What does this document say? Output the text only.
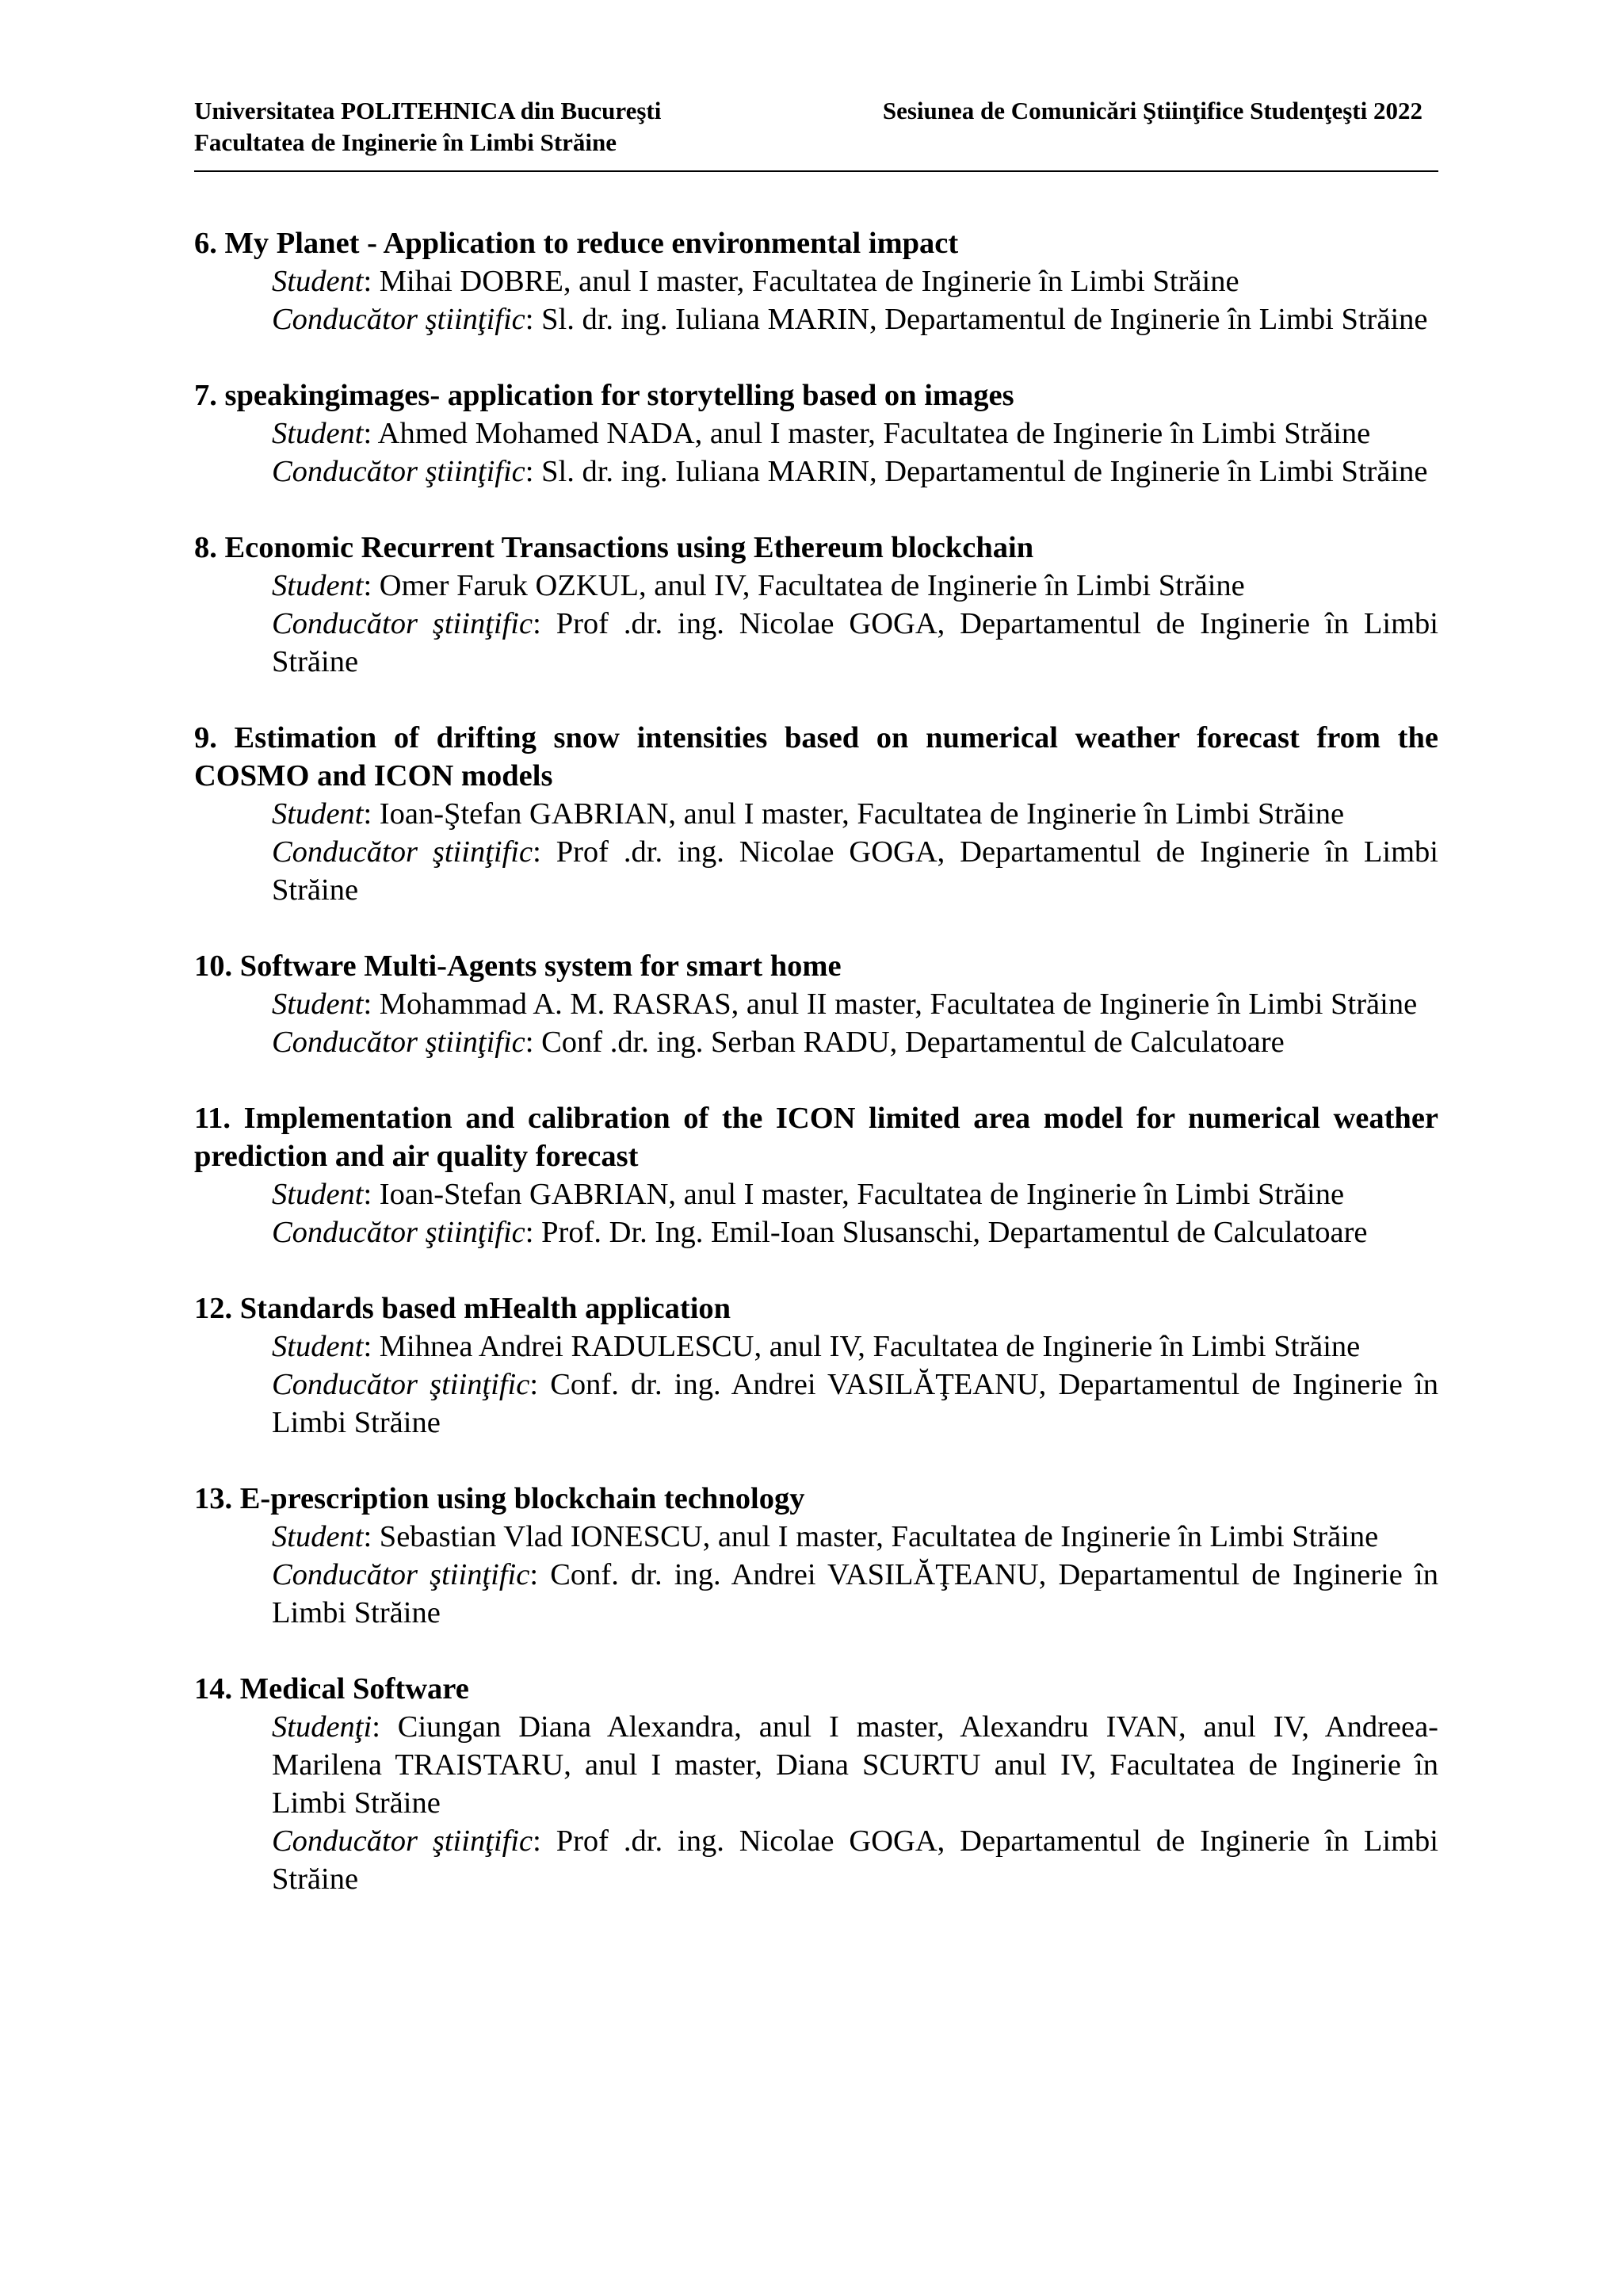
Universitatea POLITEHNICA din Bucureşti
Facultatea de Inginerie în Limbi Străine
Sesiunea de Comunicări Ştiinţifice Studenţeşti 2022
6. My Planet - Application to reduce environmental impact
Student: Mihai DOBRE, anul I master, Facultatea de Inginerie în Limbi Străine
Conducător ştiinţific: Sl. dr. ing. Iuliana MARIN, Departamentul de Inginerie în Limbi Străine
7. speakingimages- application for storytelling based on images
Student: Ahmed Mohamed NADA, anul I master, Facultatea de Inginerie în Limbi Străine
Conducător ştiinţific: Sl. dr. ing. Iuliana MARIN, Departamentul de Inginerie în Limbi Străine
8. Economic Recurrent Transactions using Ethereum blockchain
Student: Omer Faruk OZKUL, anul IV, Facultatea de Inginerie în Limbi Străine
Conducător ştiinţific: Prof .dr. ing. Nicolae GOGA, Departamentul de Inginerie în Limbi Străine
9. Estimation of drifting snow intensities based on numerical weather forecast from the COSMO and ICON models
Student: Ioan-Ştefan GABRIAN, anul I master, Facultatea de Inginerie în Limbi Străine
Conducător ştiinţific: Prof .dr. ing. Nicolae GOGA, Departamentul de Inginerie în Limbi Străine
10. Software Multi-Agents system for smart home
Student: Mohammad A. M. RASRAS, anul II master, Facultatea de Inginerie în Limbi Străine
Conducător ştiinţific: Conf .dr. ing. Serban RADU, Departamentul de Calculatoare
11. Implementation and calibration of the ICON limited area model for numerical weather prediction and air quality forecast
Student: Ioan-Stefan GABRIAN, anul I master, Facultatea de Inginerie în Limbi Străine
Conducător ştiinţific: Prof. Dr. Ing. Emil-Ioan Slusanschi, Departamentul de Calculatoare
12. Standards based mHealth application
Student: Mihnea Andrei RADULESCU, anul IV, Facultatea de Inginerie în Limbi Străine
Conducător ştiinţific: Conf. dr. ing. Andrei VASILĂŢEANU, Departamentul de Inginerie în Limbi Străine
13. E-prescription using blockchain technology
Student: Sebastian Vlad IONESCU, anul I master, Facultatea de Inginerie în Limbi Străine
Conducător ştiinţific: Conf. dr. ing. Andrei VASILĂŢEANU, Departamentul de Inginerie în Limbi Străine
14. Medical Software
Studenţi: Ciungan Diana Alexandra, anul I master, Alexandru IVAN, anul IV, Andreea-Marilena TRAISTARU, anul I master, Diana SCURTU anul IV, Facultatea de Inginerie în Limbi Străine
Conducător ştiinţific: Prof .dr. ing. Nicolae GOGA, Departamentul de Inginerie în Limbi Străine
